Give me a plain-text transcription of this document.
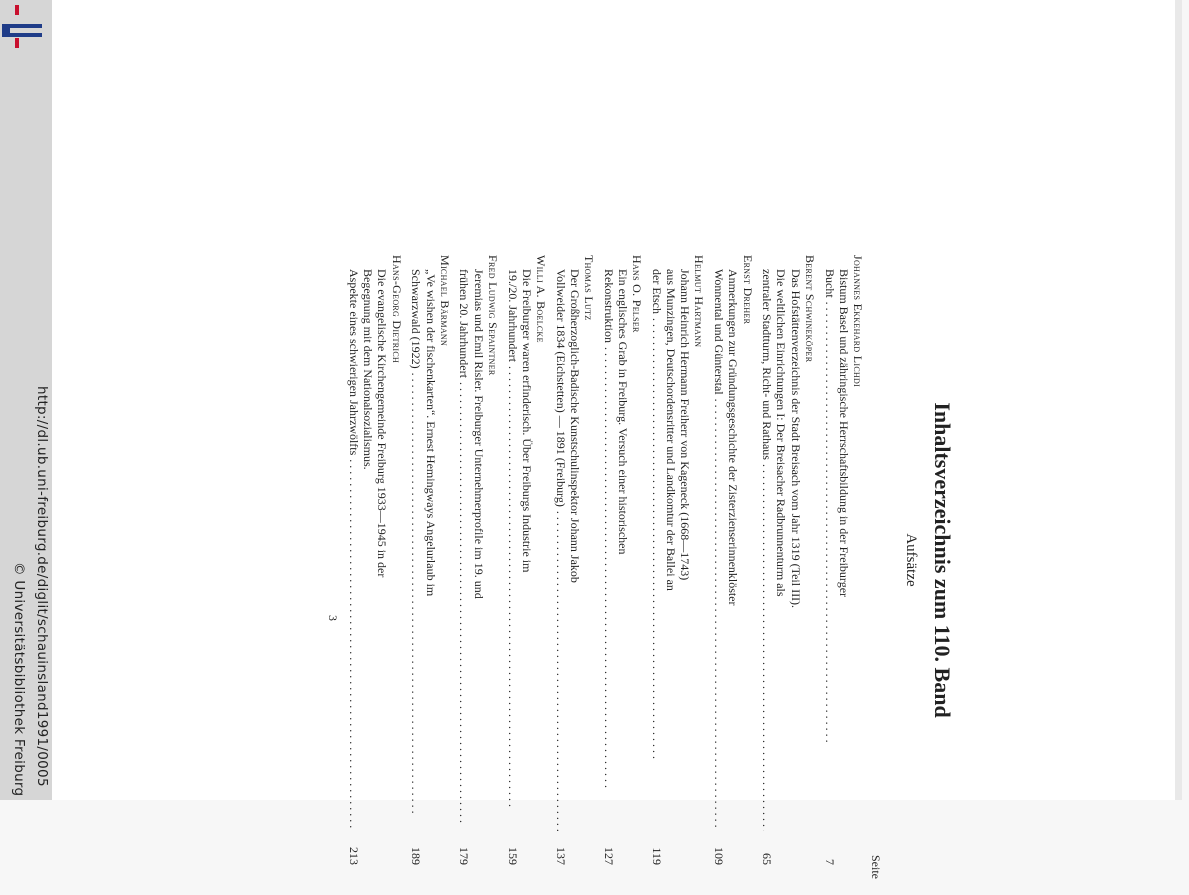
http://dl.ub.uni-freiburg.de/diglit/schauinsland1991/0005
© Universitätsbibliothek Freiburg	Inhaltsverzeichnis zum 110. Band
Aufsätze
Seite
Johannes Ekkehard Lichdi
Bistum Basel und zähringische Herrschaftsbildung in der Freiburger
Bucht
. . .
7
Berent Schwineköper
Das Hofstättenverzeichnis der Stadt Breisach vom Jahr 1319 (Teil III).
Die weltlichen Einrichtungen I: Der Breisacher Radbrunnenturm als
zentraler Stadtturm, Richt- und Rathaus
. . .
65
Ernst Dreher
Anmerkungen zur Gründungsgeschichte der Zisterzienserinnenklöster
Wonnental und Günterstal
. . .
109
Helmut Hartmann
Johann Heinrich Hermann Freiherr von Kageneck (1668—1743)
aus Munzingen, Deutschordensritter und Landkomtur der Ballei an
der Etsch
. . .
119
Hans O. Pelser
Ein englisches Grab in Freiburg. Versuch einer historischen
Rekonstruktion
. . .
127
Thomas Lutz
Der Großherzoglich-Badische Kunstschulinspektor Johann Jakob
Vollweider 1834 (Eichstetten) — 1891 (Freiburg)
. . .
137
Willi A. Boelcke
Die Freiburger waren erfinderisch. Über Freiburgs Industrie im
19./20. Jahrhundert
. . .
159
Fred Ludwig Sepaintner
Jeremias und Emil Risler. Freiburger Unternehmerprofile im 19. und
frühen 20. Jahrhundert
. . .
179
Michael Bärmann
„Ve wishen der fischenkarten“. Ernest Hemingways Angelurlaub im
Schwarzwald (1922)
. . .
189
Hans-Georg Dietrich
Die evangelische Kirchengemeinde Freiburg 1933—1945 in der
Begegnung mit dem Nationalsozialismus.
Aspekte eines schwierigen Jahrzwölfts
. . .
213
3
